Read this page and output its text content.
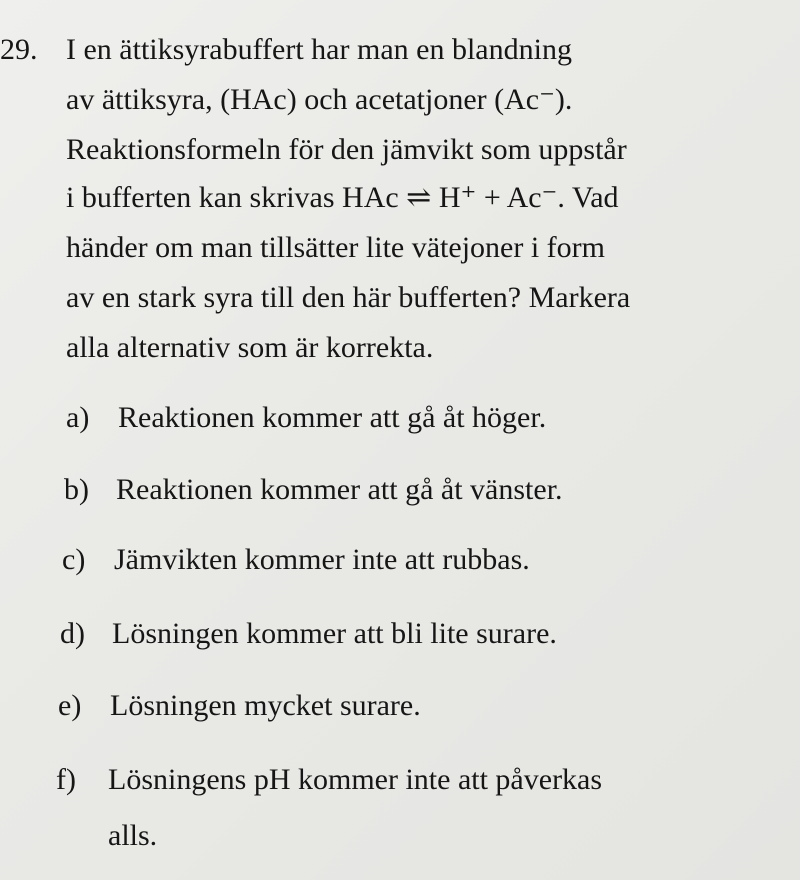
29. I en ättiksyrabuffert har man en blandning
av ättiksyra, (HAc) och acetatjoner (Ac⁻).
Reaktionsformeln för den jämvikt som uppstår
i bufferten kan skrivas HAc ⇌ H⁺ + Ac⁻. Vad
händer om man tillsätter lite vätejoner i form
av en stark syra till den här bufferten? Markera
alla alternativ som är korrekta.
a) Reaktionen kommer att gå åt höger.
b) Reaktionen kommer att gå åt vänster.
c) Jämvikten kommer inte att rubbas.
d) Lösningen kommer att bli lite surare.
e) Lösningen mycket surare.
f) Lösningens pH kommer inte att påverkas
alls.
